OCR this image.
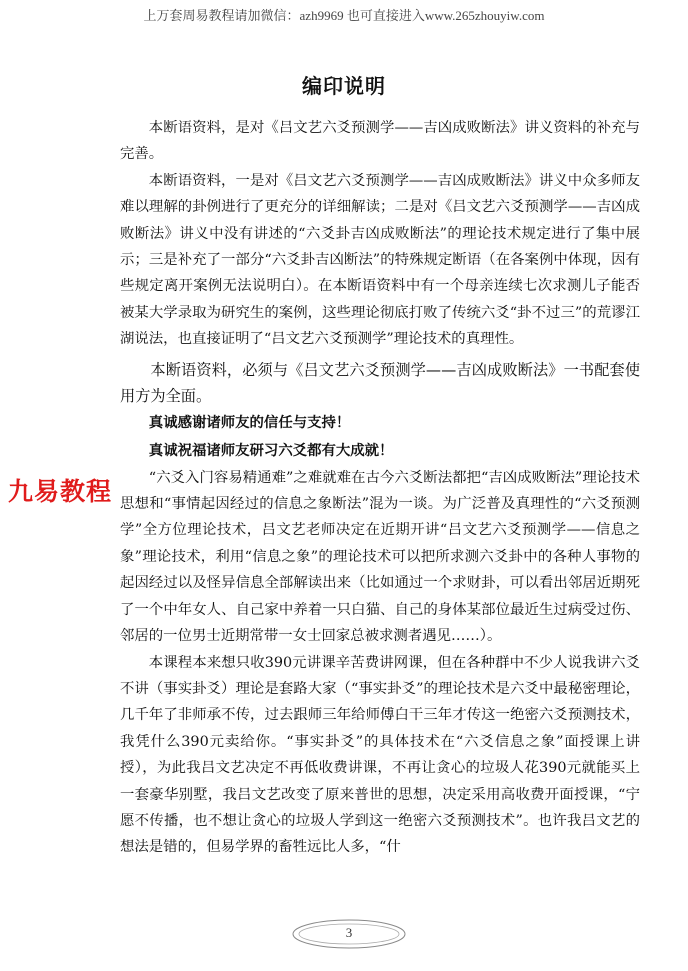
上万套周易教程请加微信：azh9969 也可直接进入www.265zhouyiw.com
编印说明

本断语资料，是对《吕文艺六爻预测学——吉凶成败断法》讲义资料的补充与完善。

本断语资料，一是对《吕文艺六爻预测学——吉凶成败断法》讲义中众多师友难以理解的卦例进行了更充分的详细解读；二是对《吕文艺六爻预测学——吉凶成败断法》讲义中没有讲述的“六爻卦吉凶成败断法”的理论技术规定进行了集中展示；三是补充了一部分“六爻卦吉凶断法”的特殊规定断语（在各案例中体现，因有些规定离开案例无法说明白）。在本断语资料中有一个母亲连续七次求测儿子能否被某大学录取为研究生的案例，这些理论彻底打败了传统六爻“卦不过三”的荒谬江湖说法，也直接证明了“吕文艺六爻预测学”理论技术的真理性。

本断语资料，必须与《吕文艺六爻预测学——吉凶成败断法》一书配套使用方为全面。

真诚感谢诸师友的信任与支持！

真诚祝福诸师友研习六爻都有大成就！

“六爻入门容易精通难”之难就难在古今六爻断法都把“吉凶成败断法”理论技术思想和“事情起因经过的信息之象断法”混为一谈。为广泛普及真理性的“六爻预测学”全方位理论技术，吕文艺老师决定在近期开讲“吕文艺六爻预测学——信息之象”理论技术，利用“信息之象”的理论技术可以把所求测六爻卦中的各种人事物的起因经过以及怪异信息全部解读出来（比如通过一个求财卦，可以看出邻居近期死了一个中年女人、自己家中养着一只白猫、自己的身体某部位最近生过病受过伤、邻居的一位男士近期常带一女士回家总被求测者遇见……）。

本课程本来想只收390元讲课辛苦费讲网课，但在各种群中不少人说我讲六爻不讲（事实卦爻）理论是套路大家（“事实卦爻”的理论技术是六爻中最秘密理论，几千年了非师承不传，过去跟师三年给师傅白干三年才传这一绝密六爻预测技术，我凭什么390元卖给你。“事实卦爻”的具体技术在“六爻信息之象”面授课上讲授），为此我吕文艺决定不再低收费讲课，不再让贪心的垃圾人花390元就能买上一套豪华别墅，我吕文艺改变了原来普世的思想，决定采用高收费开面授课，“宁愿不传播，也不想让贪心的垃圾人学到这一绝密六爻预测技术”。也许我吕文艺的想法是错的，但易学界的畜牲远比人多，“什

九易教程
3
